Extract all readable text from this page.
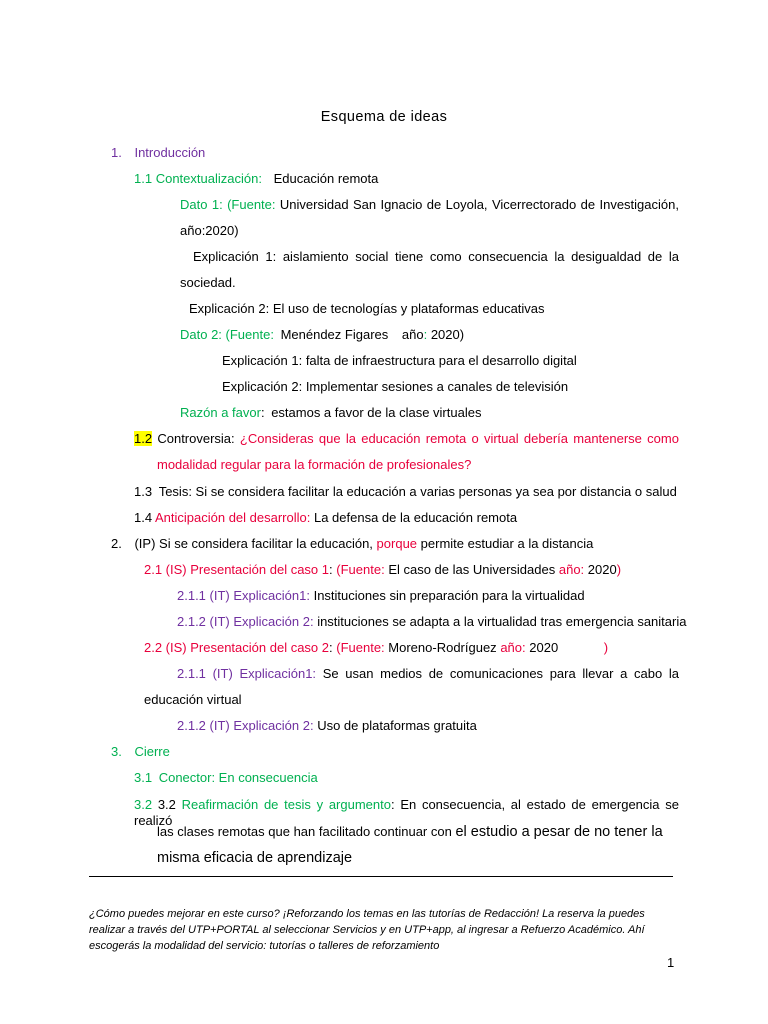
Esquema de ideas
1. Introducción
1.1 Contextualización: Educación remota
Dato 1: (Fuente: Universidad San Ignacio de Loyola, Vicerrectorado de Investigación,
año:2020)
Explicación 1: aislamiento social tiene como consecuencia la desigualdad de la
sociedad.
Explicación 2: El uso de tecnologías y plataformas educativas
Dato 2: (Fuente: Menéndez Figares año: 2020)
Explicación 1: falta de infraestructura para el desarrollo digital
Explicación 2: Implementar sesiones a canales de televisión
Razón a favor: estamos a favor de la clase virtuales
1.2 Controversia: ¿Consideras que la educación remota o virtual debería mantenerse como
modalidad regular para la formación de profesionales?
1.3 Tesis: Si se considera facilitar la educación a varias personas ya sea por distancia o salud
1.4 Anticipación del desarrollo: La defensa de la educación remota
2. (IP) Si se considera facilitar la educación, porque permite estudiar a la distancia
2.1 (IS) Presentación del caso 1: (Fuente: El caso de las Universidades año: 2020)
2.1.1 (IT) Explicación1: Instituciones sin preparación para la virtualidad
2.1.2 (IT) Explicación 2: instituciones se adapta a la virtualidad tras emergencia sanitaria
2.2 (IS) Presentación del caso 2: (Fuente: Moreno-Rodríguez año: 2020	)
2.1.1 (IT) Explicación1: Se usan medios de comunicaciones para llevar a cabo la
educación virtual
2.1.2 (IT) Explicación 2: Uso de plataformas gratuita
3. Cierre
3.1 Conector: En consecuencia
3.2 3.2 Reafirmación de tesis y argumento: En consecuencia, al estado de emergencia se realizó
las clases remotas que han facilitado continuar con el estudio a pesar de no tener la
misma eficacia de aprendizaje
¿Cómo puedes mejorar en este curso? ¡Reforzando los temas en las tutorías de Redacción! La reserva la puedes
realizar a través del UTP+PORTAL al seleccionar Servicios y en UTP+app, al ingresar a Refuerzo Académico. Ahí
escogerás la modalidad del servicio: tutorías o talleres de reforzamiento
1
